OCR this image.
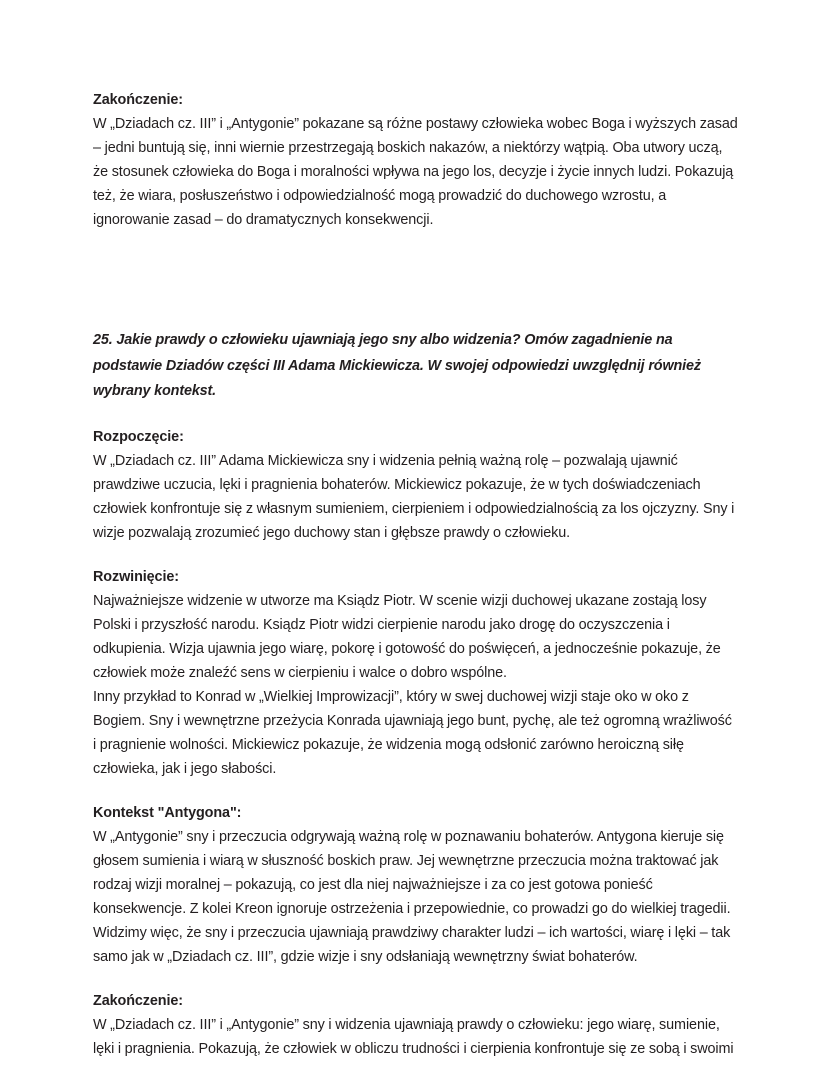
Zakończenie:

W „Dziadach cz. III” i „Antygonie” pokazane są różne postawy człowieka wobec Boga i wyższych zasad – jedni buntują się, inni wiernie przestrzegają boskich nakazów, a niektórzy wątpią. Oba utwory uczą, że stosunek człowieka do Boga i moralności wpływa na jego los, decyzje i życie innych ludzi. Pokazują też, że wiara, posłuszeństwo i odpowiedzialność mogą prowadzić do duchowego wzrostu, a ignorowanie zasad – do dramatycznych konsekwencji.

25. Jakie prawdy o człowieku ujawniają jego sny albo widzenia? Omów zagadnienie na podstawie Dziadów części III Adama Mickiewicza. W swojej odpowiedzi uwzględnij również wybrany kontekst.

Rozpoczęcie:

W „Dziadach cz. III” Adama Mickiewicza sny i widzenia pełnią ważną rolę – pozwalają ujawnić prawdziwe uczucia, lęki i pragnienia bohaterów. Mickiewicz pokazuje, że w tych doświadczeniach człowiek konfrontuje się z własnym sumieniem, cierpieniem i odpowiedzialnością za los ojczyzny. Sny i wizje pozwalają zrozumieć jego duchowy stan i głębsze prawdy o człowieku.

Rozwinięcie:

Najważniejsze widzenie w utworze ma Ksiądz Piotr. W scenie wizji duchowej ukazane zostają losy Polski i przyszłość narodu. Ksiądz Piotr widzi cierpienie narodu jako drogę do oczyszczenia i odkupienia. Wizja ujawnia jego wiarę, pokorę i gotowość do poświęceń, a jednocześnie pokazuje, że człowiek może znaleźć sens w cierpieniu i walce o dobro wspólne.

Inny przykład to Konrad w „Wielkiej Improwizacji”, który w swej duchowej wizji staje oko w oko z Bogiem. Sny i wewnętrzne przeżycia Konrada ujawniają jego bunt, pychę, ale też ogromną wrażliwość i pragnienie wolności. Mickiewicz pokazuje, że widzenia mogą odsłonić zarówno heroiczną siłę człowieka, jak i jego słabości.

Kontekst "Antygona":

W „Antygonie” sny i przeczucia odgrywają ważną rolę w poznawaniu bohaterów. Antygona kieruje się głosem sumienia i wiarą w słuszność boskich praw. Jej wewnętrzne przeczucia można traktować jak rodzaj wizji moralnej – pokazują, co jest dla niej najważniejsze i za co jest gotowa ponieść konsekwencje. Z kolei Kreon ignoruje ostrzeżenia i przepowiednie, co prowadzi go do wielkiej tragedii. Widzimy więc, że sny i przeczucia ujawniają prawdziwy charakter ludzi – ich wartości, wiarę i lęki – tak samo jak w „Dziadach cz. III”, gdzie wizje i sny odsłaniają wewnętrzny świat bohaterów.

Zakończenie:

W „Dziadach cz. III” i „Antygonie” sny i widzenia ujawniają prawdy o człowieku: jego wiarę, sumienie, lęki i pragnienia. Pokazują, że człowiek w obliczu trudności i cierpienia konfrontuje się ze sobą i swoimi
